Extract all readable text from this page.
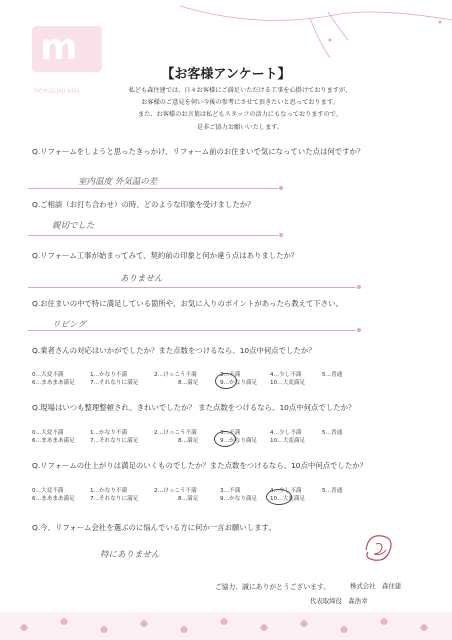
m
MORIZUMI KEN
【お客様アンケート】
私ども森住建では、日々お客様にご満足いただける工事を心掛けておりますが、
お客様のご意見を伺い今後の参考にさせて頂きたいと思っております。
また、お客様のお言葉は私どもスタッフの活力にもなっておりますので、
是非ご協力お願いいたします。
Q.リフォームをしようと思ったきっかけ、リフォーム前のお住まいで気になっていた点は何ですか？
室内温度 外気温の差
Q.ご相談（お打ち合わせ）の時、どのような印象を受けましたか？
親切でした
Q.リフォーム工事が始まってみて、契約前の印象と何か違う点はありましたか？
ありません
Q.お住まいの中で特に満足している箇所や、お気に入りのポイントがあったら教えて下さい。
リビング
Q.業者さんの対応はいかがでしたか？また点数をつけるなら、10点中何点でしたか？
0…大変不満	1…かなり不満	2…けっこう不満	3…不満	4…少し不満	5…普通
6…まあまあ満足	7…それなりに満足	8…満足	9…かなり満足 10…大変満足
Q.現場はいつも整理整頓され、きれいでしたか？ また点数をつけるなら、10点中何点でしたか？
0…大変不満	1…かなり不満	2…けっこう不満	3…不満	4…少し不満	5…普通
6…まあまあ満足	7…それなりに満足	8…満足	9…かなり満足 10…大変満足
Q.リフォームの仕上がりは満足のいくものでしたか？また点数をつけるなら、10点中何点でしたか？
0…大変不満	1…かなり不満	2…けっこう不満	3…不満	4…少し不満	5…普通
6…まあまあ満足	7…それなりに満足	8…満足	9…かなり満足 10…大変満足
Q.今、リフォーム会社を選ぶのに悩んでいる方に何か一言お願いします。
特にありません
ご協力、誠にありがとうございます。	株式会社　森住建
代表取締役　森浩幸
